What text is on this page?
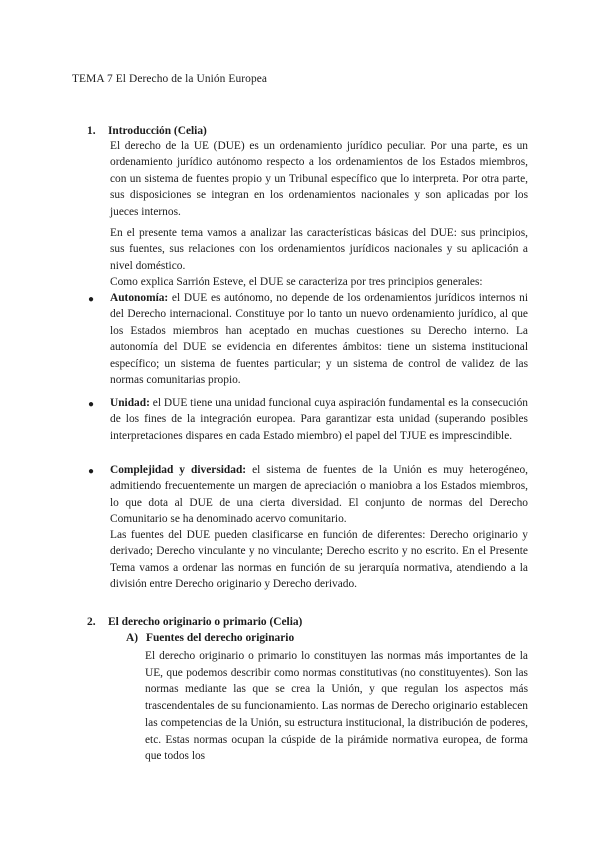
TEMA 7 El Derecho de la Unión Europea
1. Introducción (Celia)

El derecho de la UE (DUE) es un ordenamiento jurídico peculiar. Por una parte, es un ordenamiento jurídico autónomo respecto a los ordenamientos de los Estados miembros, con un sistema de fuentes propio y un Tribunal específico que lo interpreta. Por otra parte, sus disposiciones se integran en los ordenamientos nacionales y son aplicadas por los jueces internos.

En el presente tema vamos a analizar las características básicas del DUE: sus principios, sus fuentes, sus relaciones con los ordenamientos jurídicos nacionales y su aplicación a nivel doméstico.

Como explica Sarrión Esteve, el DUE se caracteriza por tres principios generales:

● Autonomía: el DUE es autónomo, no depende de los ordenamientos jurídicos internos ni del Derecho internacional. Constituye por lo tanto un nuevo ordenamiento jurídico, al que los Estados miembros han aceptado en muchas cuestiones su Derecho interno. La autonomía del DUE se evidencia en diferentes ámbitos: tiene un sistema institucional específico; un sistema de fuentes particular; y un sistema de control de validez de las normas comunitarias propio.

● Unidad: el DUE tiene una unidad funcional cuya aspiración fundamental es la consecución de los fines de la integración europea. Para garantizar esta unidad (superando posibles interpretaciones dispares en cada Estado miembro) el papel del TJUE es imprescindible.

● Complejidad y diversidad: el sistema de fuentes de la Unión es muy heterogéneo, admitiendo frecuentemente un margen de apreciación o maniobra a los Estados miembros, lo que dota al DUE de una cierta diversidad. El conjunto de normas del Derecho Comunitario se ha denominado acervo comunitario.

Las fuentes del DUE pueden clasificarse en función de diferentes: Derecho originario y derivado; Derecho vinculante y no vinculante; Derecho escrito y no escrito. En el Presente Tema vamos a ordenar las normas en función de su jerarquía normativa, atendiendo a la división entre Derecho originario y Derecho derivado.

2. El derecho originario o primario (Celia)
A) Fuentes del derecho originario

El derecho originario o primario lo constituyen las normas más importantes de la UE, que podemos describir como normas constitutivas (no constituyentes). Son las normas mediante las que se crea la Unión, y que regulan los aspectos más trascendentales de su funcionamiento. Las normas de Derecho originario establecen las competencias de la Unión, su estructura institucional, la distribución de poderes, etc. Estas normas ocupan la cúspide de la pirámide normativa europea, de forma que todos los
